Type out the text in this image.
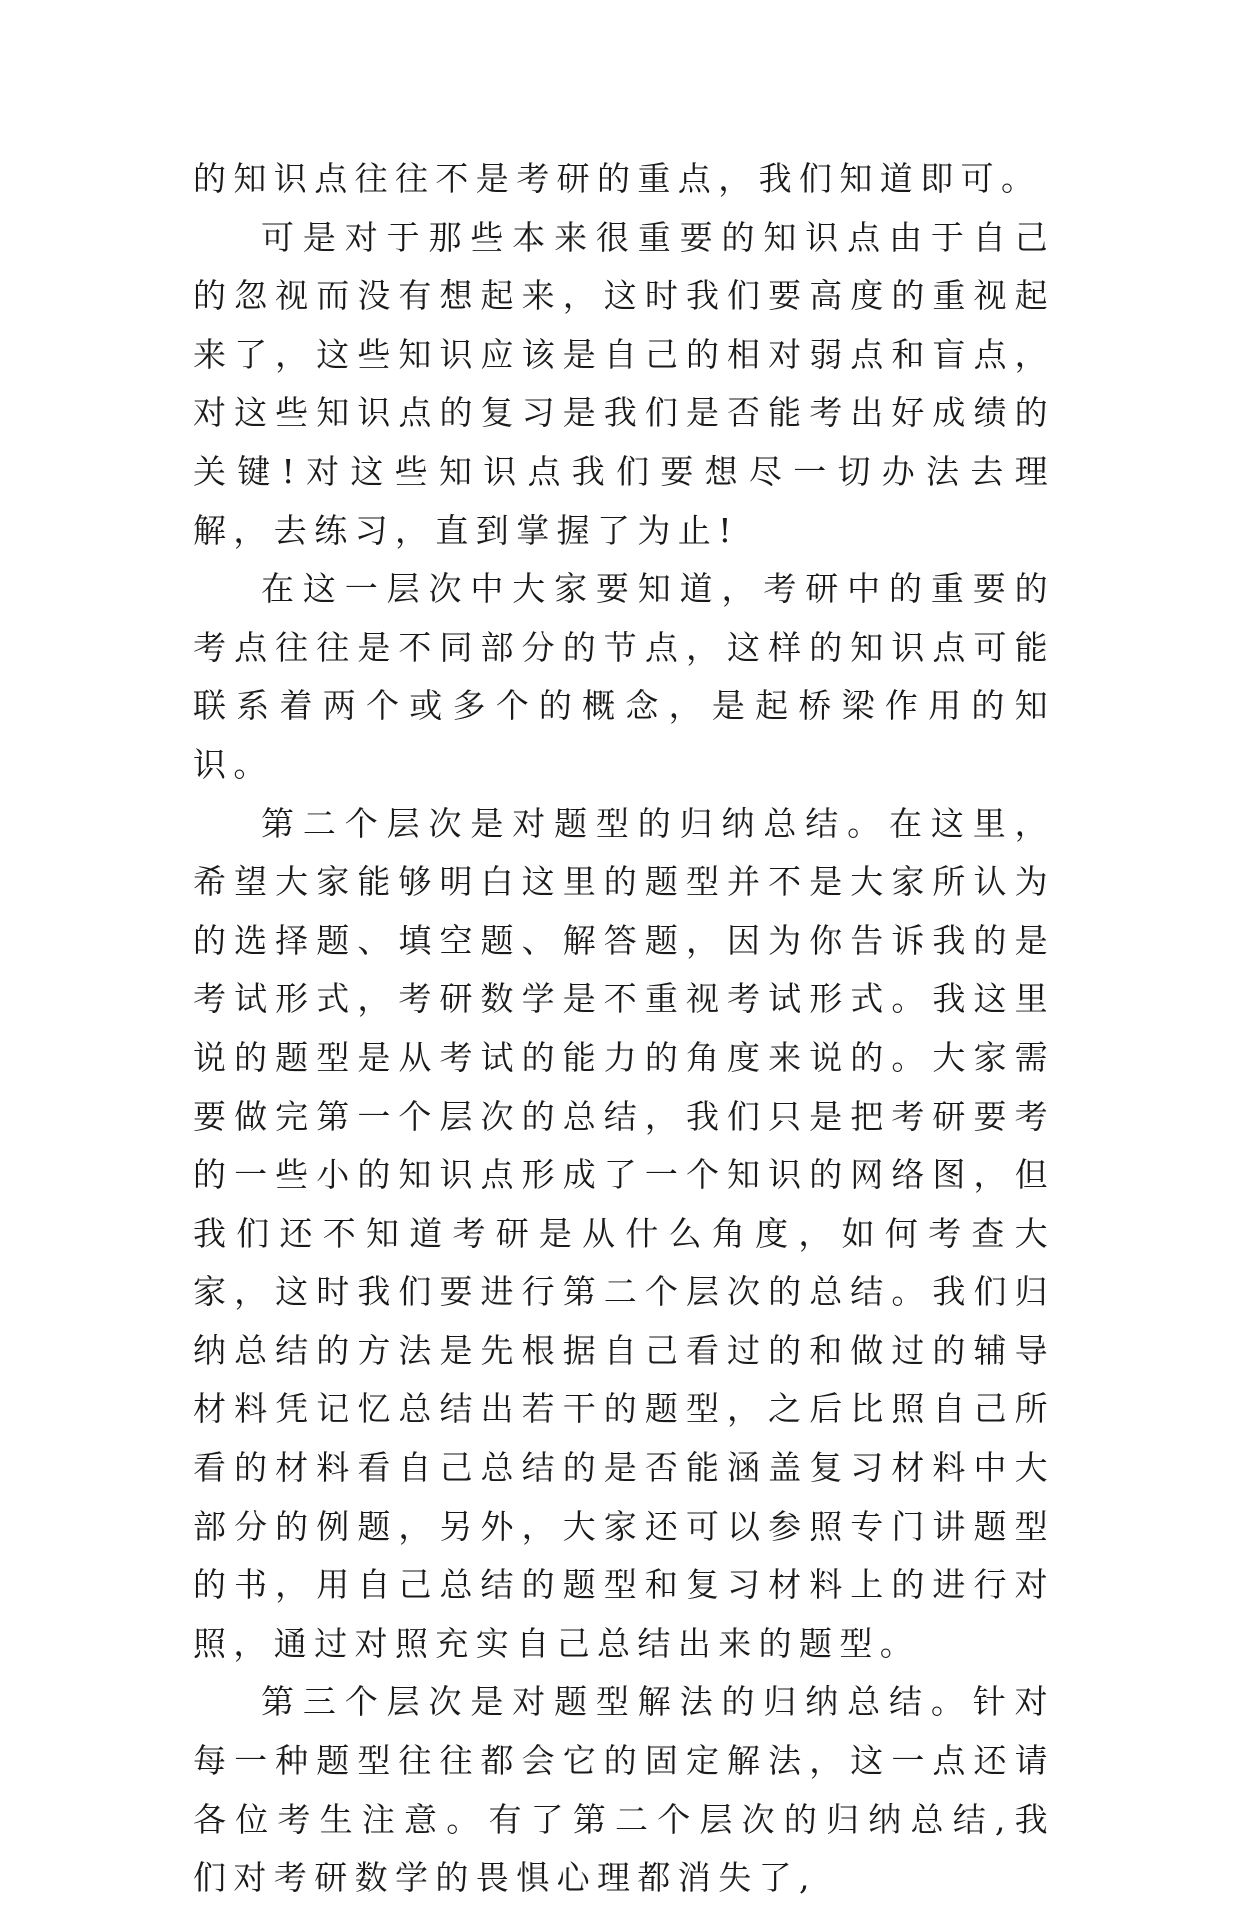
的知识点往往不是考研的重点，我们知道即可。

可是对于那些本来很重要的知识点由于自己的忽视而没有想起来，这时我们要高度的重视起来了，这些知识应该是自己的相对弱点和盲点，对这些知识点的复习是我们是否能考出好成绩的关键!对这些知识点我们要想尽一切办法去理解，去练习，直到掌握了为止!

在这一层次中大家要知道，考研中的重要的考点往往是不同部分的节点，这样的知识点可能联系着两个或多个的概念，是起桥梁作用的知识。

第二个层次是对题型的归纳总结。在这里，希望大家能够明白这里的题型并不是大家所认为的选择题、填空题、解答题，因为你告诉我的是考试形式，考研数学是不重视考试形式。我这里说的题型是从考试的能力的角度来说的。大家需要做完第一个层次的总结，我们只是把考研要考的一些小的知识点形成了一个知识的网络图，但我们还不知道考研是从什么角度，如何考查大家，这时我们要进行第二个层次的总结。我们归纳总结的方法是先根据自己看过的和做过的辅导材料凭记忆总结出若干的题型，之后比照自己所看的材料看自己总结的是否能涵盖复习材料中大部分的例题，另外，大家还可以参照专门讲题型的书，用自己总结的题型和复习材料上的进行对照，通过对照充实自己总结出来的题型。

第三个层次是对题型解法的归纳总结。针对每一种题型往往都会它的固定解法，这一点还请各位考生注意。有了第二个层次的归纳总结,我们对考研数学的畏惧心理都消失了,
